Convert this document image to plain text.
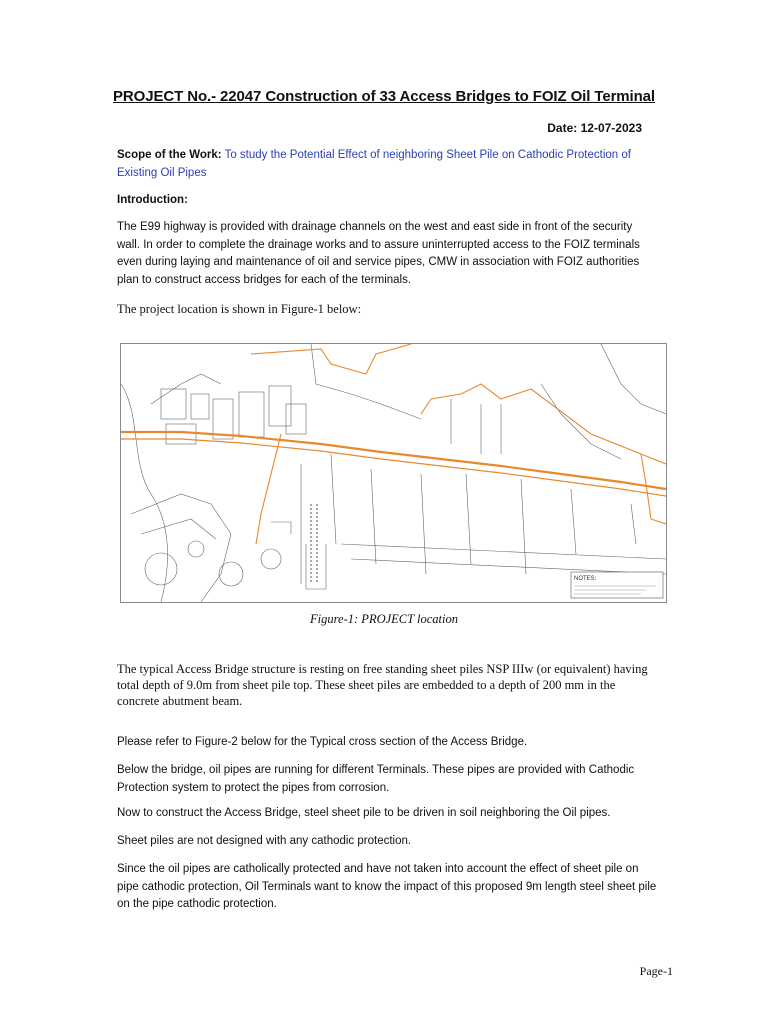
PROJECT No.- 22047 Construction of 33 Access Bridges to FOIZ Oil Terminal
Date: 12-07-2023
Scope of the Work: To study the Potential Effect of neighboring Sheet Pile on Cathodic Protection of Existing Oil Pipes
Introduction:
The E99 highway is provided with drainage channels on the west and east side in front of the security wall. In order to complete the drainage works and to assure uninterrupted access to the FOIZ terminals even during laying and maintenance of oil and service pipes, CMW in association with FOIZ authorities plan to construct access bridges for each of the terminals.
The project location is shown in Figure-1 below:
NOTES:
Figure-1: PROJECT location
The typical Access Bridge structure is resting on free standing sheet piles NSP IIIw (or equivalent) having total depth of 9.0m from sheet pile top. These sheet piles are embedded to a depth of 200 mm in the concrete abutment beam.
Please refer to Figure-2 below for the Typical cross section of the Access Bridge.
Below the bridge, oil pipes are running for different Terminals. These pipes are provided with Cathodic Protection system to protect the pipes from corrosion.
Now to construct the Access Bridge, steel sheet pile to be driven in soil neighboring the Oil pipes.
Sheet piles are not designed with any cathodic protection.
Since the oil pipes are catholically protected and have not taken into account the effect of sheet pile on pipe cathodic protection, Oil Terminals want to know the impact of this proposed 9m length steel sheet pile on the pipe cathodic protection.
Page-1
